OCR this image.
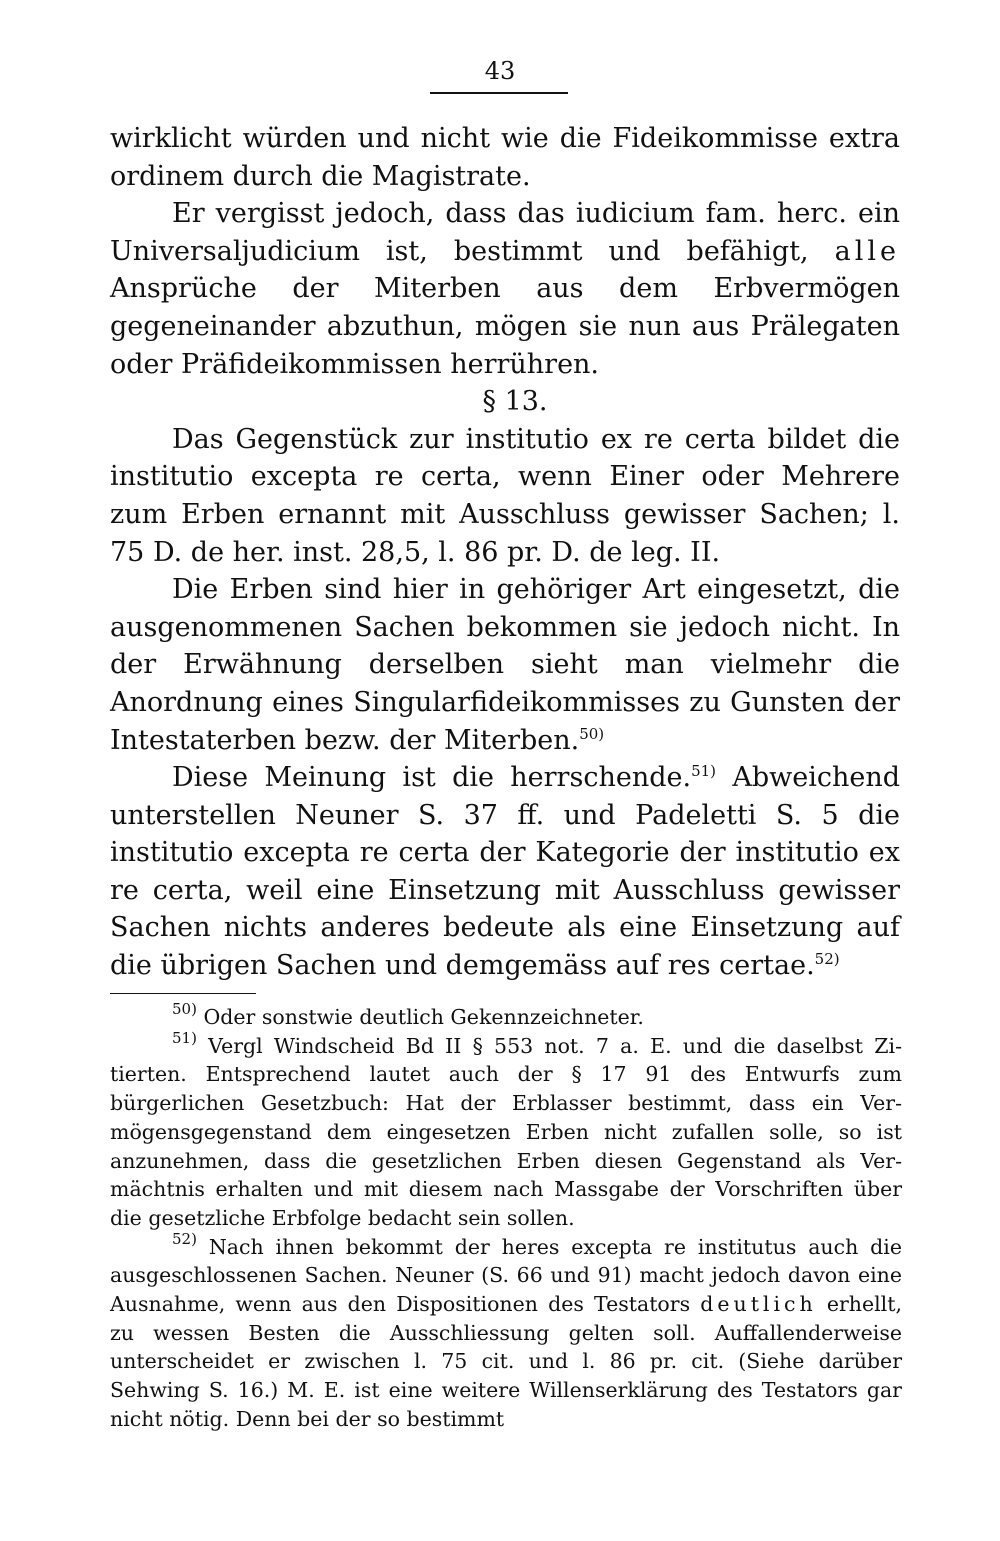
43

wirklicht würden und nicht wie die Fideikommisse extra ordinem durch die Magistrate.

Er vergisst jedoch, dass das iudicium fam. herc. ein Universaljudicium ist, bestimmt und befähigt, alle Ansprüche der Miterben aus dem Erbvermögen gegeneinander abzuthun, mögen sie nun aus Prälegaten oder Präfideikommissen herrühren.

§ 13.

Das Gegenstück zur institutio ex re certa bildet die institutio excepta re certa, wenn Einer oder Mehrere zum Erben ernannt mit Ausschluss gewisser Sachen; l. 75 D. de her. inst. 28,5, l. 86 pr. D. de leg. II.

Die Erben sind hier in gehöriger Art eingesetzt, die ausgenommenen Sachen bekommen sie jedoch nicht. In der Erwähnung derselben sieht man vielmehr die Anordnung eines Singularfideikommisses zu Gunsten der Intestaterben bezw. der Miterben.$^{50)}$

Diese Meinung ist die herrschende.$^{51)}$ Abweichend unterstellen Neuner S. 37 ff. und Padeletti S. 5 die institutio excepta re certa der Kategorie der institutio ex re certa, weil eine Einsetzung mit Ausschluss gewisser Sachen nichts anderes bedeute als eine Einsetzung auf die übrigen Sachen und demgemäss auf res certae.$^{52)}$

$^{50)}$ Oder sonstwie deutlich Gekennzeichneter.

$^{51)}$ Vergl Windscheid Bd II § 553 not. 7 a. E. und die daselbst Zitierten. Entsprechend lautet auch der § 17 91 des Entwurfs zum bürgerlichen Gesetzbuch: Hat der Erblasser bestimmt, dass ein Vermögensgegenstand dem eingesetzen Erben nicht zufallen solle, so ist anzunehmen, dass die gesetzlichen Erben diesen Gegenstand als Vermächtnis erhalten und mit diesem nach Massgabe der Vorschriften über die gesetzliche Erbfolge bedacht sein sollen.

$^{52)}$ Nach ihnen bekommt der heres excepta re institutus auch die ausgeschlossenen Sachen. Neuner (S. 66 und 91) macht jedoch davon eine Ausnahme, wenn aus den Dispositionen des Testators deutlich erhellt, zu wessen Besten die Ausschliessung gelten soll. Auffallenderweise unterscheidet er zwischen l. 75 cit. und l. 86 pr. cit. (Siehe darüber Sehwing S. 16.) M. E. ist eine weitere Willenserklärung des Testators gar nicht nötig. Denn bei der so bestimmt
